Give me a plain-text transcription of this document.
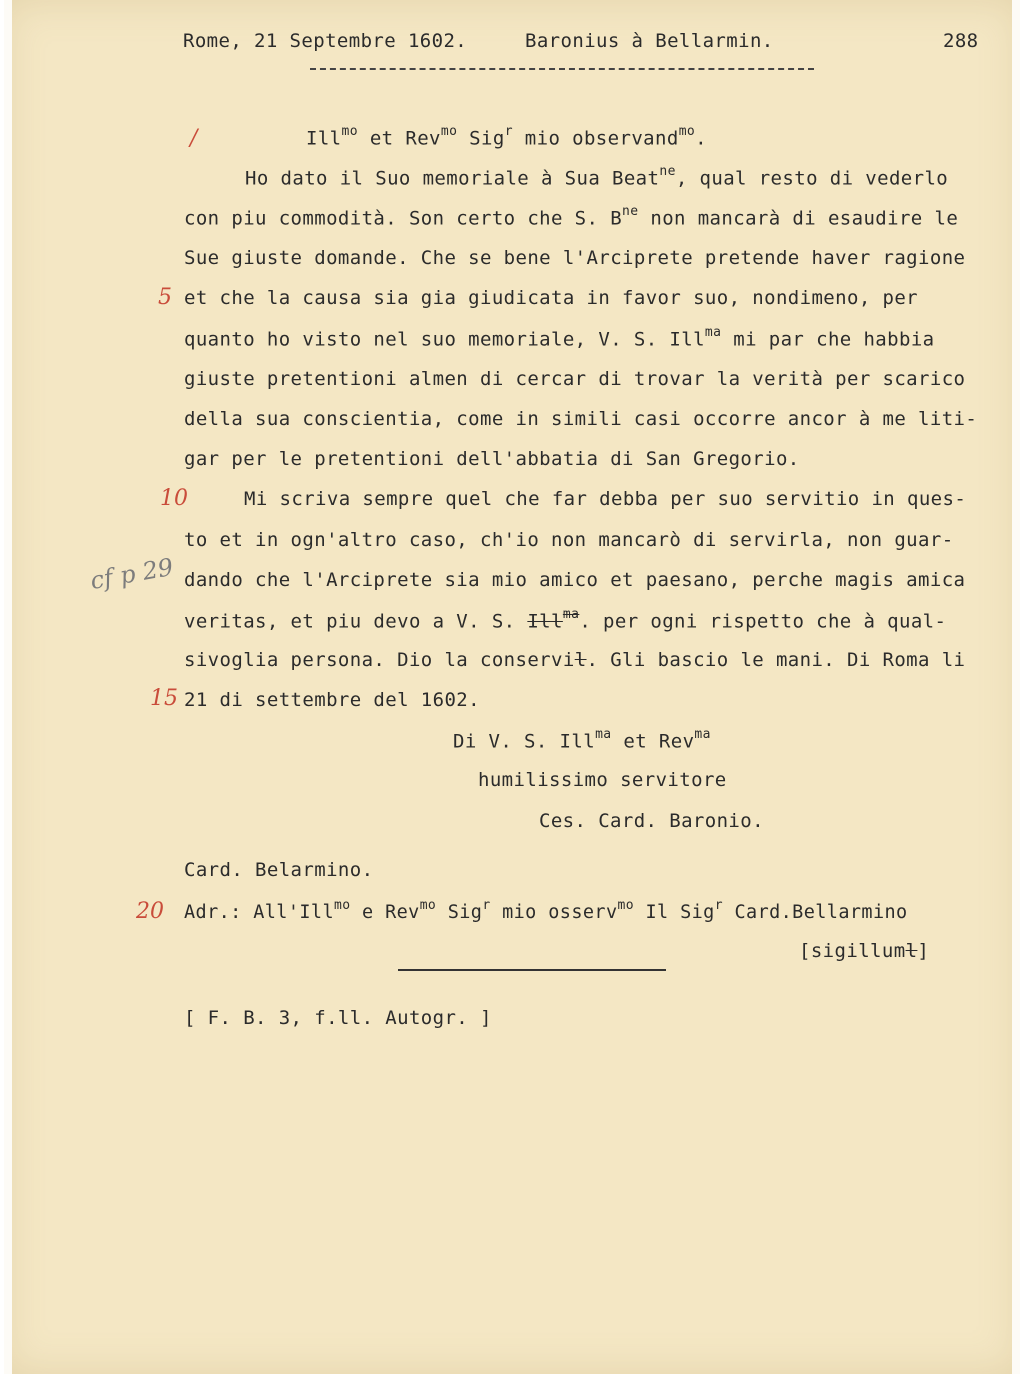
Rome, 21 Septembre 1602.	Baronius à Bellarmin.	288
Ill$^{mo}$ et Rev$^{mo}$ Sig$^r$ mio observand$^{mo}$.
Ho dato il Suo memoriale à Sua Beat$^{ne}$, qual resto di vederlo
con piu commodità. Son certo che S. $B^{ne}$ non mancarà di esaudire le
Sue giuste domande. Che se bene l'Arciprete pretende haver ragione
et che la causa sia gia giudicata in favor suo, nondimeno, per
quanto ho visto nel suo memoriale, V. S. Ill$^{ma}$ mi par che habbia
giuste pretentioni almen di cercar di trovar la verità per scarico
della sua conscientia, come in simili casi occorre ancor à me liti-
gar per le pretentioni dell'abbatia di San Gregorio.
Mi scriva sempre quel che far debba per suo servitio in ques-
to et in ogn'altro caso, ch'io non mancarò di servirla, non guar-
dando che l'Arciprete sia mio amico et paesano, perche magis amica
veritas, et piu devo a V. S. Ill$^{ma}$. per ogni rispetto che à qual-
sivoglia persona. Dio la conservil. Gli bascio le mani. Di Roma li
21 di settembre del 1602.
Di V. S. Ill$^{ma}$ et Rev$^{ma}$
humilissimo servitore
Ces. Card. Baronio.
Card. Belarmino.
Adr.: All'Ill$^{mo}$ e Rev$^{mo}$ Sig$^r$ mio osserv$^{mo}$ Il Sig$^r$ Card.Bellarmino
[sigilluml]
[ F. B. 3, f.ll. Autogr. ]
/
5
10
15
20
cf p 29
